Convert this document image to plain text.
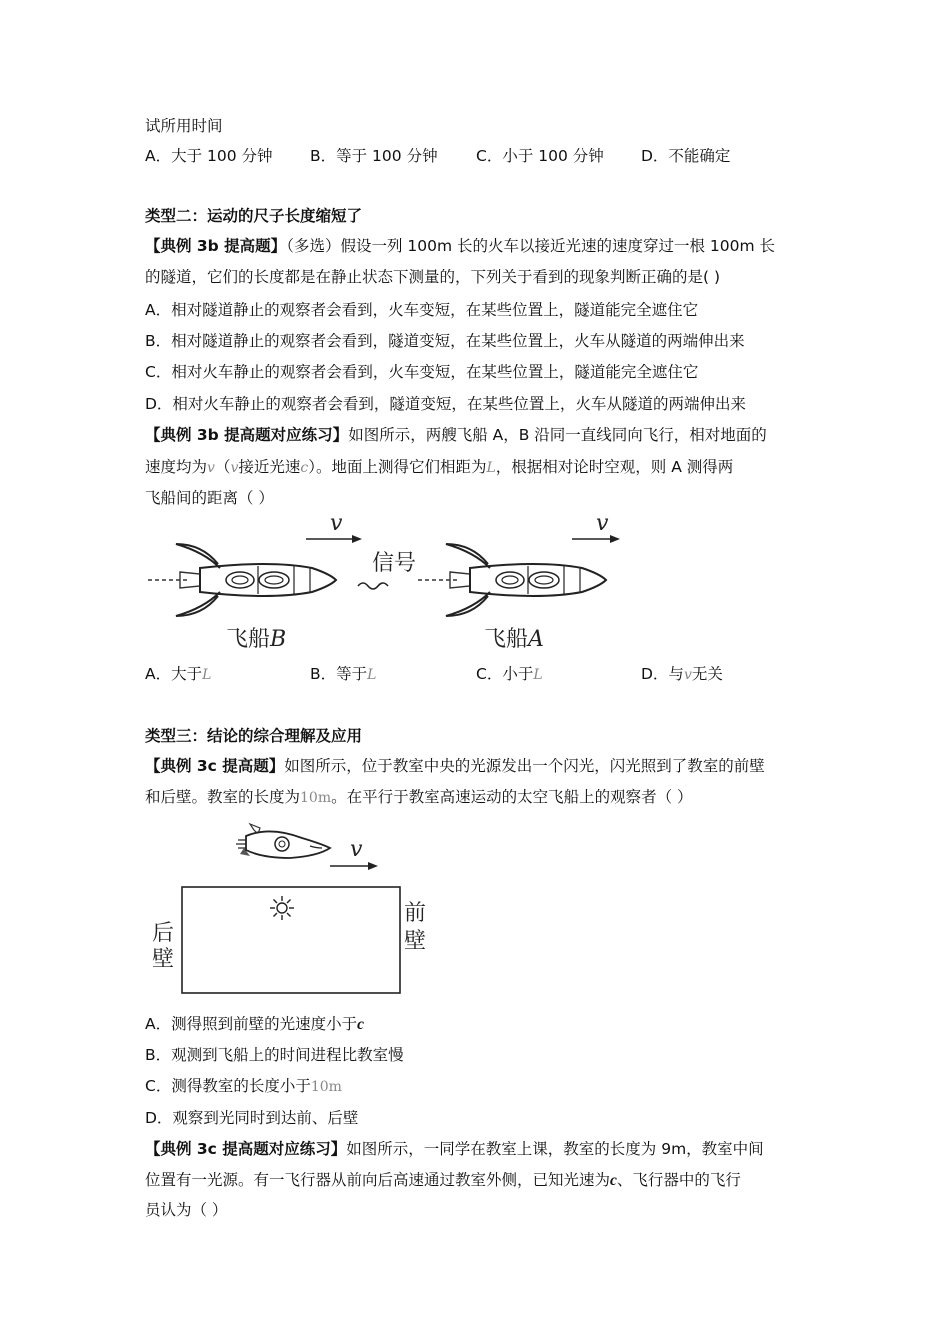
试所用时间
A．大于 100 分钟 B．等于 100 分钟 C．小于 100 分钟 D．不能确定
类型二：运动的尺子长度缩短了
【典例 3b 提高题】（多选）假设一列 100m 长的火车以接近光速的速度穿过一根 100m 长
的隧道，它们的长度都是在静止状态下测量的，下列关于看到的现象判断正确的是( )
A．相对隧道静止的观察者会看到，火车变短，在某些位置上，隧道能完全遮住它
B．相对隧道静止的观察者会看到，隧道变短，在某些位置上，火车从隧道的两端伸出来
C．相对火车静止的观察者会看到，火车变短，在某些位置上，隧道能完全遮住它
D．相对火车静止的观察者会看到，隧道变短，在某些位置上，火车从隧道的两端伸出来
【典例 3b 提高题对应练习】如图所示，两艘飞船 A，B 沿同一直线同向飞行，相对地面的
速度均为v（v接近光速c）。地面上测得它们相距为L，根据相对论时空观，则 A 测得两
飞船间的距离（ ）
v	v
信号
飞船B	飞船A
A．大于L	B．等于L	C．小于L	D．与v无关
类型三：结论的综合理解及应用
【典例 3c 提高题】如图所示，位于教室中央的光源发出一个闪光，闪光照到了教室的前壁
和后壁。教室的长度为10m。在平行于教室高速运动的太空飞船上的观察者（ ）
v
后
壁
前
壁
A．测得照到前壁的光速度小于c
B．观测到飞船上的时间进程比教室慢
C．测得教室的长度小于10m
D．观察到光同时到达前、后壁
【典例 3c 提高题对应练习】如图所示，一同学在教室上课，教室的长度为 9m，教室中间
位置有一光源。有一飞行器从前向后高速通过教室外侧，已知光速为c、飞行器中的飞行
员认为（ ）
